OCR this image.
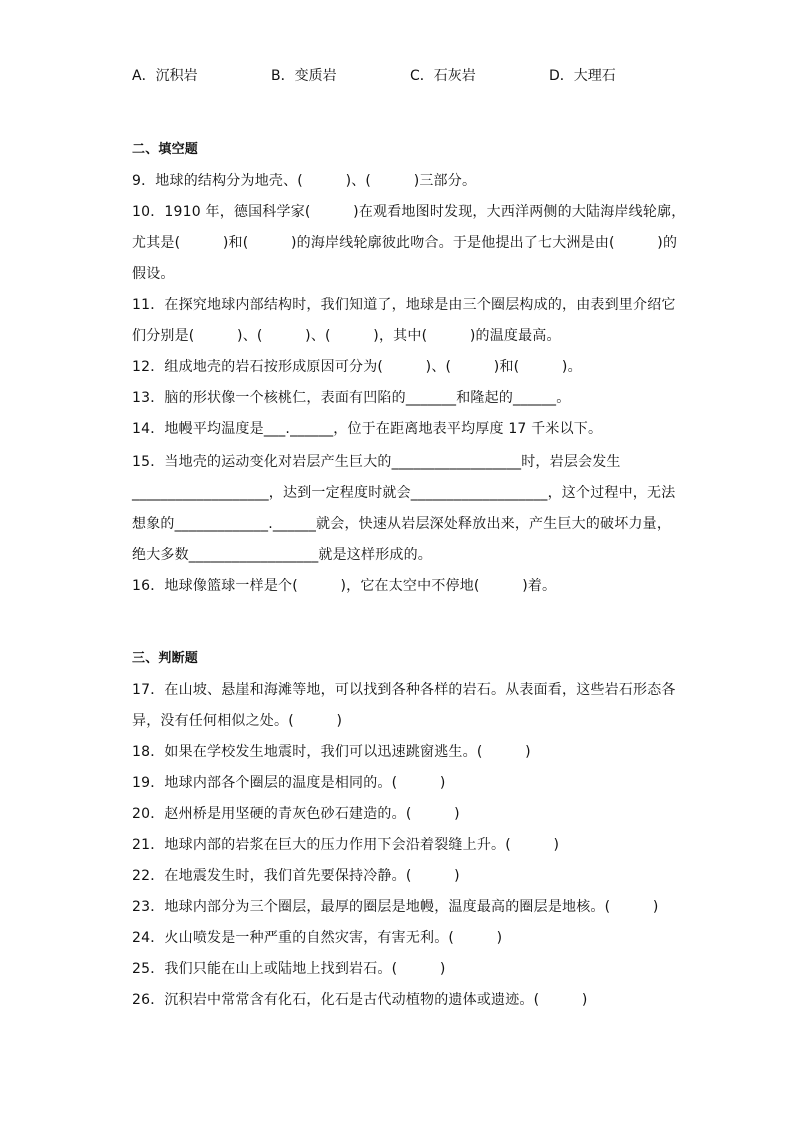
A．沉积岩	B．变质岩	C．石灰岩	D．大理石
二、填空题
9．地球的结构分为地壳、(　　　)、(　　　)三部分。
10．1910 年，德国科学家(　　　)在观看地图时发现，大西洋两侧的大陆海岸线轮廓，
尤其是(　　　)和(　　　)的海岸线轮廓彼此吻合。于是他提出了七大洲是由(　　　)的
假设。
11．在探究地球内部结构时，我们知道了，地球是由三个圈层构成的，由表到里介绍它
们分别是(　　　)、(　　　)、(　　　)，其中(　　　)的温度最高。
12．组成地壳的岩石按形成原因可分为(　　　)、(　　　)和(　　　)。
13．脑的形状像一个核桃仁，表面有凹陷的_______和隆起的______。
14．地幔平均温度是___.______，位于在距离地表平均厚度 17 千米以下。
15．当地壳的运动变化对岩层产生巨大的__________________时，岩层会发生
___________________，达到一定程度时就会___________________，这个过程中，无法
想象的_____________.______就会，快速从岩层深处释放出来，产生巨大的破坏力量，
绝大多数__________________就是这样形成的。
16．地球像篮球一样是个(　　　)，它在太空中不停地(　　　)着。
三、判断题
17．在山坡、悬崖和海滩等地，可以找到各种各样的岩石。从表面看，这些岩石形态各
异，没有任何相似之处。(　　　)
18．如果在学校发生地震时，我们可以迅速跳窗逃生。(　　　)
19．地球内部各个圈层的温度是相同的。(　　　)
20．赵州桥是用坚硬的青灰色砂石建造的。(　　　)
21．地球内部的岩浆在巨大的压力作用下会沿着裂缝上升。(　　　)
22．在地震发生时，我们首先要保持冷静。(　　　)
23．地球内部分为三个圈层，最厚的圈层是地幔，温度最高的圈层是地核。(　　　)
24．火山喷发是一种严重的自然灾害，有害无利。(　　　)
25．我们只能在山上或陆地上找到岩石。(　　　)
26．沉积岩中常常含有化石，化石是古代动植物的遗体或遗迹。(　　　)
